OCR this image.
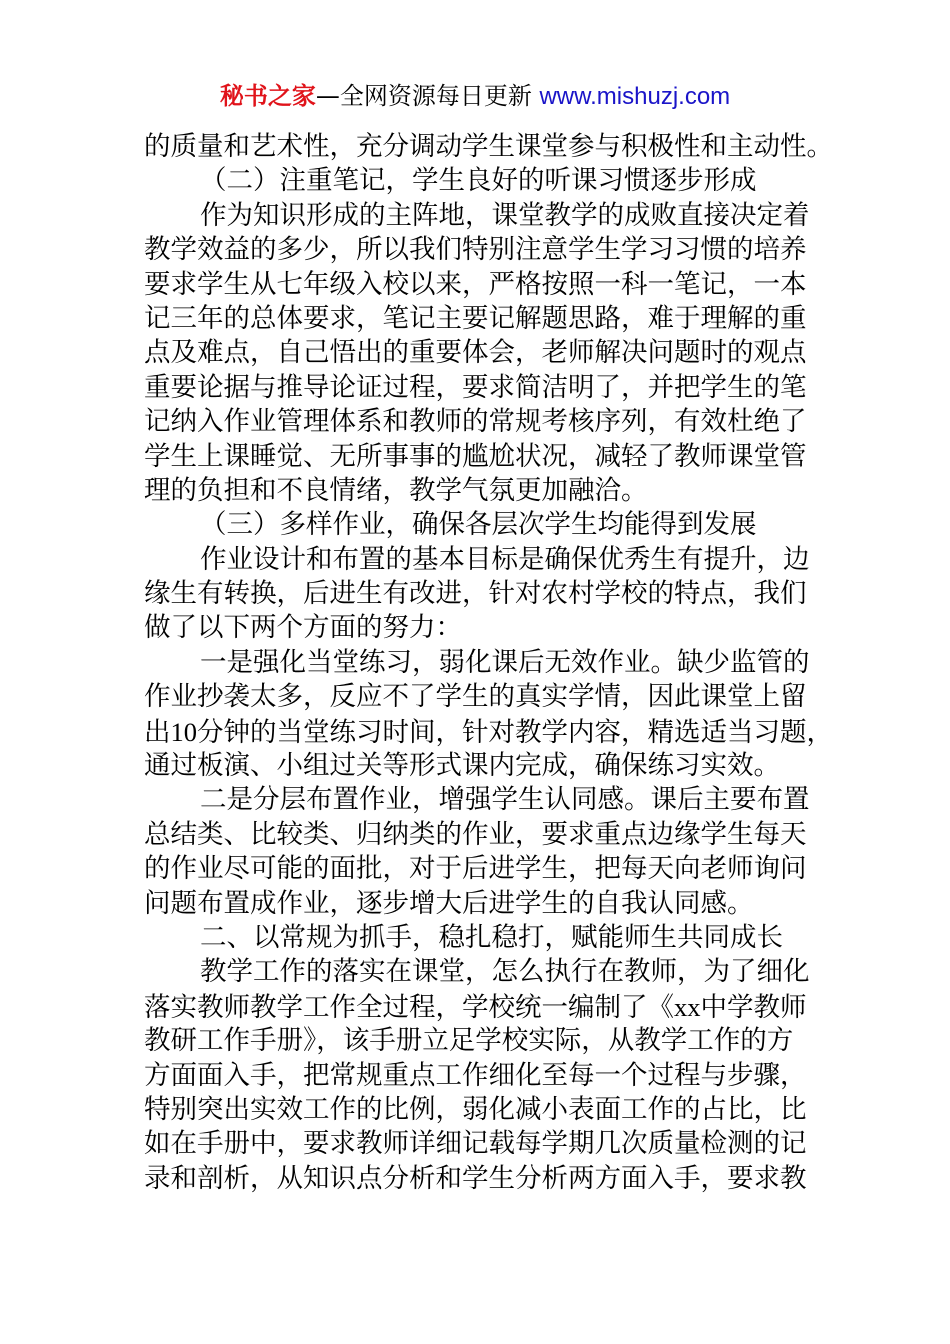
秘书之家—全网资源每日更新 www.mishuzj.com
的质量和艺术性，充分调动学生课堂参与积极性和主动性。
（二）注重笔记，学生良好的听课习惯逐步形成
作为知识形成的主阵地，课堂教学的成败直接决定着
教学效益的多少，所以我们特别注意学生学习习惯的培养
要求学生从七年级入校以来，严格按照一科一笔记，一本
记三年的总体要求，笔记主要记解题思路，难于理解的重
点及难点，自己悟出的重要体会，老师解决问题时的观点
重要论据与推导论证过程，要求简洁明了，并把学生的笔
记纳入作业管理体系和教师的常规考核序列，有效杜绝了
学生上课睡觉、无所事事的尴尬状况，减轻了教师课堂管
理的负担和不良情绪，教学气氛更加融洽。
（三）多样作业，确保各层次学生均能得到发展
作业设计和布置的基本目标是确保优秀生有提升，边
缘生有转换，后进生有改进，针对农村学校的特点，我们
做了以下两个方面的努力：
一是强化当堂练习，弱化课后无效作业。缺少监管的
作业抄袭太多，反应不了学生的真实学情，因此课堂上留
出10分钟的当堂练习时间，针对教学内容，精选适当习题，
通过板演、小组过关等形式课内完成，确保练习实效。
二是分层布置作业，增强学生认同感。课后主要布置
总结类、比较类、归纳类的作业，要求重点边缘学生每天
的作业尽可能的面批，对于后进学生，把每天向老师询问
问题布置成作业，逐步增大后进学生的自我认同感。
二、以常规为抓手，稳扎稳打，赋能师生共同成长
教学工作的落实在课堂，怎么执行在教师，为了细化
落实教师教学工作全过程，学校统一编制了《xx中学教师
教研工作手册》，该手册立足学校实际，从教学工作的方
方面面入手，把常规重点工作细化至每一个过程与步骤，
特别突出实效工作的比例，弱化减小表面工作的占比，比
如在手册中，要求教师详细记载每学期几次质量检测的记
录和剖析，从知识点分析和学生分析两方面入手，要求教
